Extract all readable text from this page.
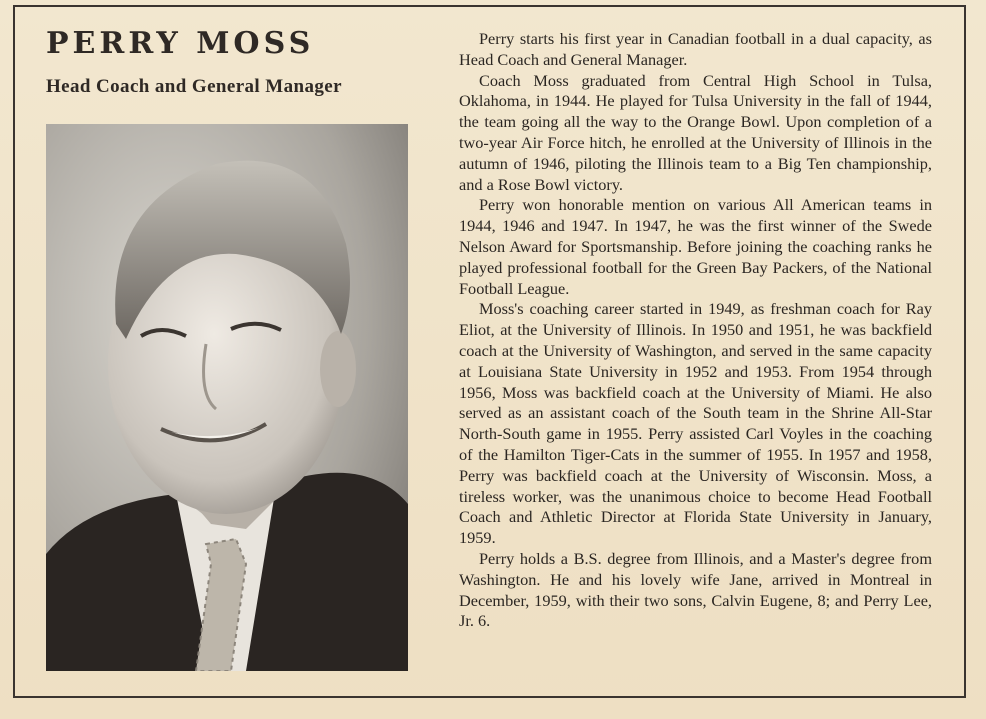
PERRY MOSS
Head Coach and General Manager

Perry starts his first year in Canadian football in a dual capacity, as Head Coach and General Manager.

Coach Moss graduated from Central High School in Tulsa, Oklahoma, in 1944. He played for Tulsa University in the fall of 1944, the team going all the way to the Orange Bowl. Upon completion of a two-year Air Force hitch, he enrolled at the University of Illinois in the autumn of 1946, piloting the Illinois team to a Big Ten championship, and a Rose Bowl victory.

Perry won honorable mention on various All American teams in 1944, 1946 and 1947. In 1947, he was the first winner of the Swede Nelson Award for Sportsmanship. Before joining the coaching ranks he played professional football for the Green Bay Packers, of the National Football League.

Moss's coaching career started in 1949, as freshman coach for Ray Eliot, at the University of Illinois. In 1950 and 1951, he was backfield coach at the University of Washington, and served in the same capacity at Louisiana State University in 1952 and 1953. From 1954 through 1956, Moss was backfield coach at the University of Miami. He also served as an assistant coach of the South team in the Shrine All-Star North-South game in 1955. Perry assisted Carl Voyles in the coaching of the Hamilton Tiger-Cats in the summer of 1955. In 1957 and 1958, Perry was backfield coach at the University of Wisconsin. Moss, a tireless worker, was the unanimous choice to become Head Football Coach and Athletic Director at Florida State University in January, 1959.

Perry holds a B.S. degree from Illinois, and a Master's degree from Washington. He and his lovely wife Jane, arrived in Montreal in December, 1959, with their two sons, Calvin Eugene, 8; and Perry Lee, Jr. 6.
